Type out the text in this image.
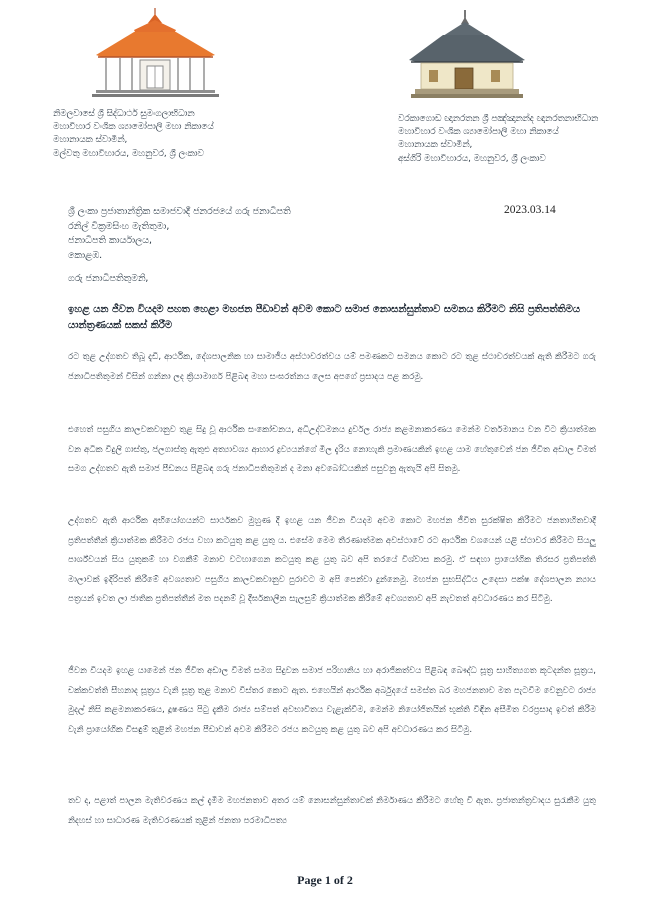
නිමලවාසේ ශ්‍රී සිද්ධාර්ථ සුමංගලාභිධාන
මහාවිහාර වංශික ශ්‍යාමෝපාලි මහා නිකායේ
මහානායක ස්වාමීන්,
මල්වතු මහාවිහාරය, මහනුවර, ශ්‍රී ලංකාව
වරකාගොඩ ඥානරතන ශ්‍රී පඤ්ඤානන්ද ඥානරතනාභිධාන
මහාවිහාර වංශික ශ්‍යාමෝපාලි මහා නිකායේ
මහානායක ස්වාමීන්,
අස්ගිරි මහාවිහාරය, මහනුවර, ශ්‍රී ලංකාව
ශ්‍රී ලංකා ප්‍රජාතාන්ත්‍රික සමාජවාදී ජනරජයේ ගරු ජනාධිපති
රනිල් වික්‍රමසිංහ මැතිතුමා,
ජනාධිපති කාර්යාලය,
කොළඹ.
2023.03.14
ගරු ජනාධිපතිතුමනි,
ඉහළ යන ජීවන වියදම පහත හෙළා මහජන පීඩාවන් අවම කොට සමාජ නොසන්සුන්තාව සමනය කිරීමට නිසි ප්‍රතිපත්තිමය යාන්ත්‍රණයක් සකස් කිරීම
රට තුළ උද්ගතව තිබූ දැඩි, ආර්ථික, දේශපාලනික හා සාමාජීය අස්ථාවරත්වය යම් පමණකට සමනය කොට රට තුළ ස්ථාවරත්වයක් ඇති කිරීමට ගරු ජනාධිපතිතුමන් විසින් ගන්නා ලද ක්‍රියාමාර්ග පිළිබඳ මහා සංඝරත්නය ලෙස අපගේ ප්‍රසාදය පළ කරමු.
එහෙත් පසුගිය කාලවකවානුව තුළ සිදු වූ ආර්ථික සංකෝචනය, අධිඋද්ධමනය දුර්වල රාජ්‍ය කළමනාකරණය මෙන්ම වර්තමානය වන විට ක්‍රියාත්මක වන අධික විදුලි ගාස්තු, ජලගාස්තු ඇතුළු අත්‍යාවශ්‍ය ආහාර ද්‍රව්‍යයන්ගේ මිල දැරිය නොහැකි ප්‍රමාණයකින් ඉහළ යාම හේතුවෙන් ජන ජීවිත අඩාල වීමත් සමග උද්ගතව ඇති සමාජ පීඩනය පිළිබඳ ගරු ජනාධිපතිතුමන් ද මනා අවබෝධයකින් පසුවනු ඇතැයි අපි සිතමු.
උද්ගතව ඇති ආර්ථික අභියෝගයන්ට සාර්ථකව මුහුණ දී ඉහළ යන ජීවන වියදම අවම කොට මහජන ජීවිත සුරක්ෂිත කිරීමට ජනතාහිතවාදී ප්‍රතිපත්තීන් ක්‍රියාත්මක කිරීමට රජය වහා කටයුතු කළ යුතු ය. එසේම මෙම තීරණාත්මක අවස්ථාවේ රට ආර්ථික වශයෙන් යළි ස්ථාවර කිරීමට සියලු පාර්ශ්වයන් සිය යුතුකම් හා වගකීම් මනාව වටහාගෙන කටයුතු කළ යුතු බව අපි තරයේ විශ්වාස කරමු. ඒ සඳහා ප්‍රායෝගික තිරසර ප්‍රතිපත්ති මාලාවක් ඉදිරිපත් කිරීමේ අවශ්‍යතාව පසුගිය කාලවකවානුව පුරාවට ම අපි පෙන්වා දුන්නෙමු. මහජන සුභසිද්ධිය උදෙසා පක්ෂ දේශපාලන න්‍යාය පත්‍රයන් ඉවත ලා ජාතික ප්‍රතිපත්තීන් මත පදනම් වූ දීර්ඝකාලීන සැලසුම් ක්‍රියාත්මක කිරීමේ අවශ්‍යතාව අපි නැවතත් අවධාරණය කර සිටිමු.
ජීවන වියදම ඉහළ යාමෙන් ජන ජීවිත අඩාල වීමත් සමග සිදුවන සමාජ පරිහානිය හා අරාජිකත්වය පිළිබඳ බෞද්ධ සූත්‍ර සාහිත්‍යගත කූටදන්ත සූත්‍රය, චක්කවත්ති සීහනාද සූත්‍රය වැනි සූත්‍ර තුළ මනාව විස්තර කොට ඇත. එහෙයින් ආර්ථික අර්බුදයේ සමස්ත බර මහජනතාව මත පැටවීම වෙනුවට රාජ්‍ය මුදල් නිසි කළමනාකරණය, දූෂණය පිටු දැකීම රාජ්‍ය සම්පත් අවභාවිතය වැළැක්වීම, මෙන්ම නියෝජිතයින් භුක්ති විඳින අසීමිත වරප්‍රසාද ඉවත් කිරීම වැනි ප්‍රායෝගික විසඳුම් තුළින් මහජන පීඩාවන් අවම කිරීමට රජය කටයුතු කළ යුතු බව අපි අවධාරණය කර සිටිමු.
තව ද, පළාත් පාලන මැතිවරණය කල් දැමීම මහජනතාව අතර යම් නොසන්සුන්තාවක් නිර්මාණය කිරීමට හේතු වී ඇත. ප්‍රජාතන්ත්‍රවාදය සුරැකීම යුතු නිදහස් හා සාධාරණ මැතිවරණයක් තුළින් ජනතා පරමාධිපත්‍ය
Page 1 of 2
